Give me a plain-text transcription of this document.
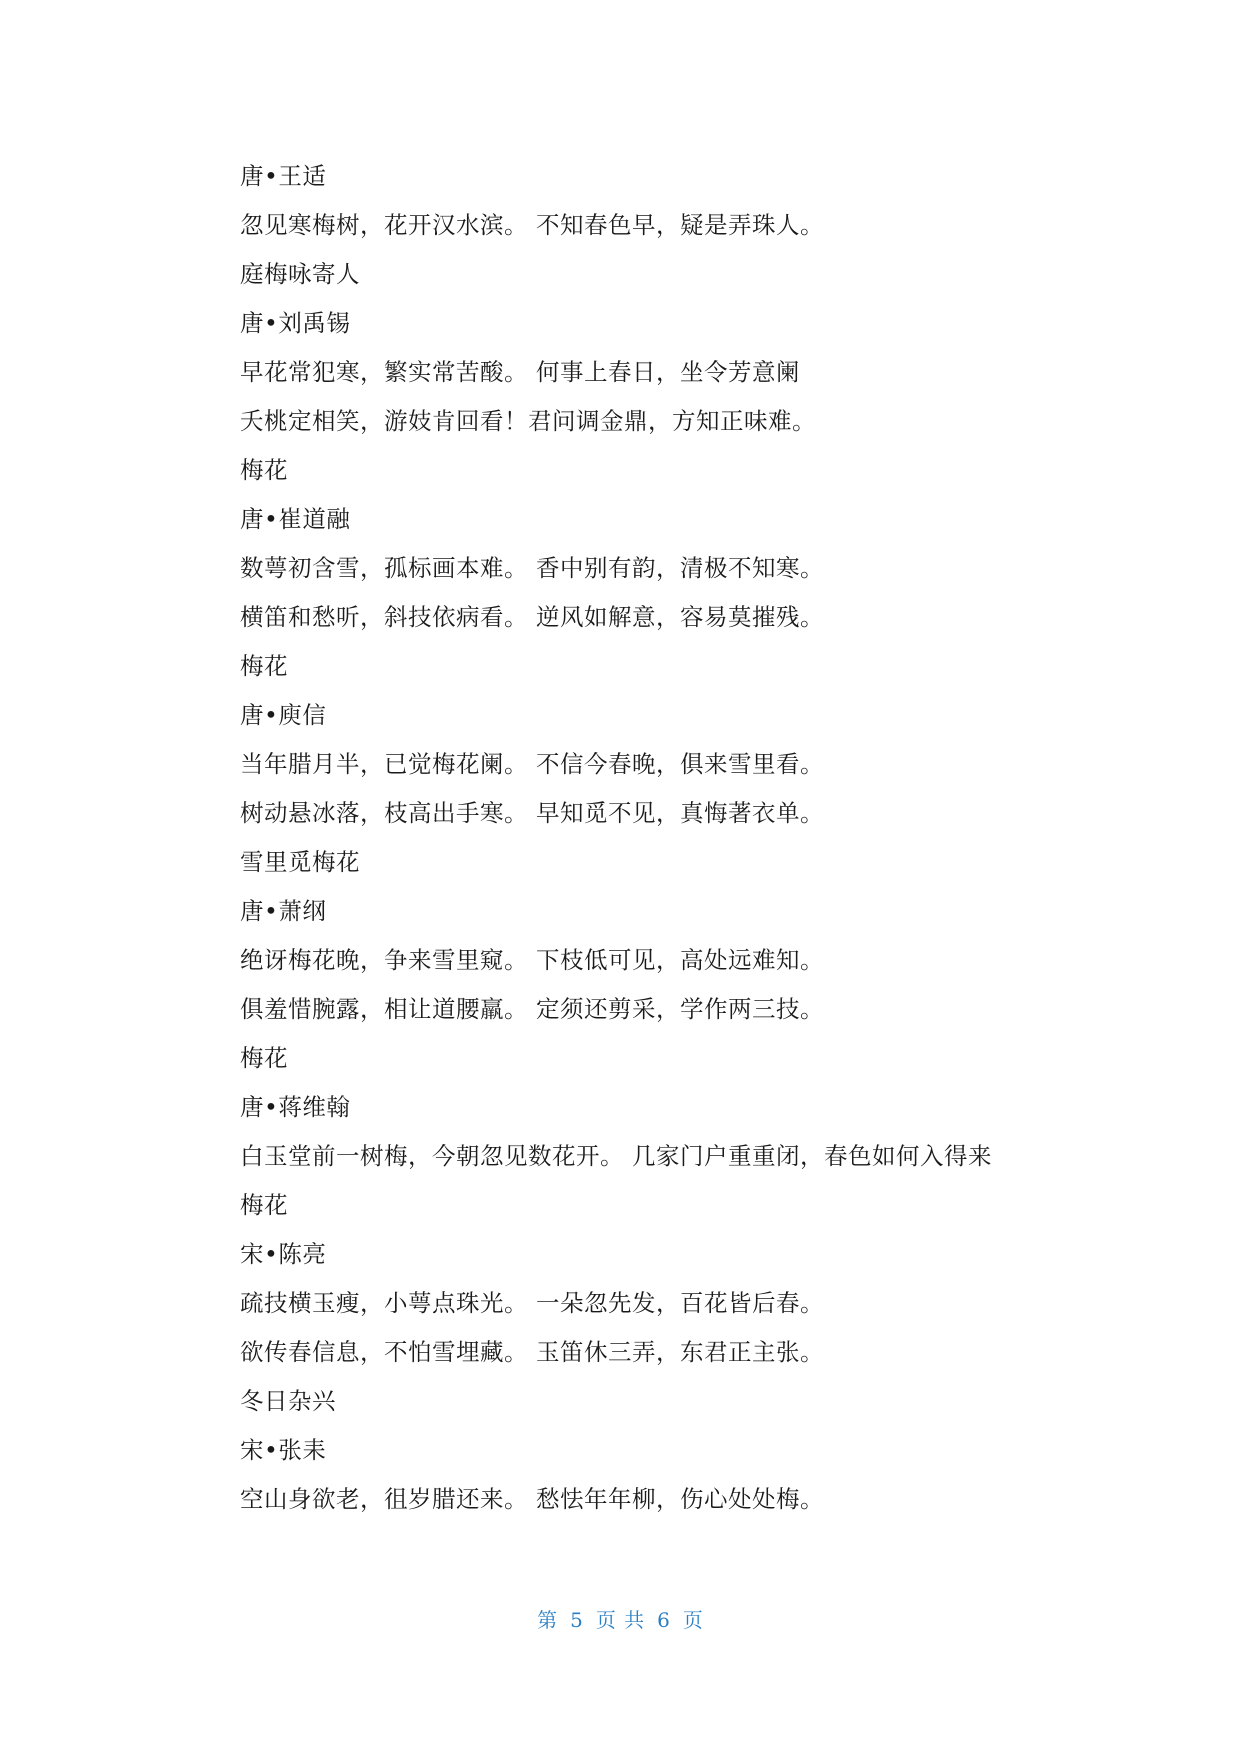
唐•王适
忽见寒梅树，花开汉水滨。 不知春色早，疑是弄珠人。
庭梅咏寄人
唐•刘禹锡
早花常犯寒，繁实常苦酸。 何事上春日，坐令芳意阑
夭桃定相笑，游妓肯回看！君问调金鼎，方知正味难。
梅花
唐•崔道融
数萼初含雪，孤标画本难。 香中别有韵，清极不知寒。
横笛和愁听，斜技依病看。 逆风如解意，容易莫摧残。
梅花
唐•庾信
当年腊月半，已觉梅花阑。 不信今春晚，俱来雪里看。
树动悬冰落，枝高出手寒。 早知觅不见，真悔著衣单。
雪里觅梅花
唐•萧纲
绝讶梅花晚，争来雪里窥。 下枝低可见，高处远难知。
俱羞惜腕露，相让道腰羸。 定须还剪采，学作两三技。
梅花
唐•蒋维翰
白玉堂前一树梅，今朝忽见数花开。 几家门户重重闭，春色如何入得来
梅花
宋•陈亮
疏技横玉瘦，小萼点珠光。 一朵忽先发，百花皆后春。
欲传春信息，不怕雪埋藏。 玉笛休三弄，东君正主张。
冬日杂兴
宋•张耒
空山身欲老，徂岁腊还来。 愁怯年年柳，伤心处处梅。
第 5 页 共 6 页
